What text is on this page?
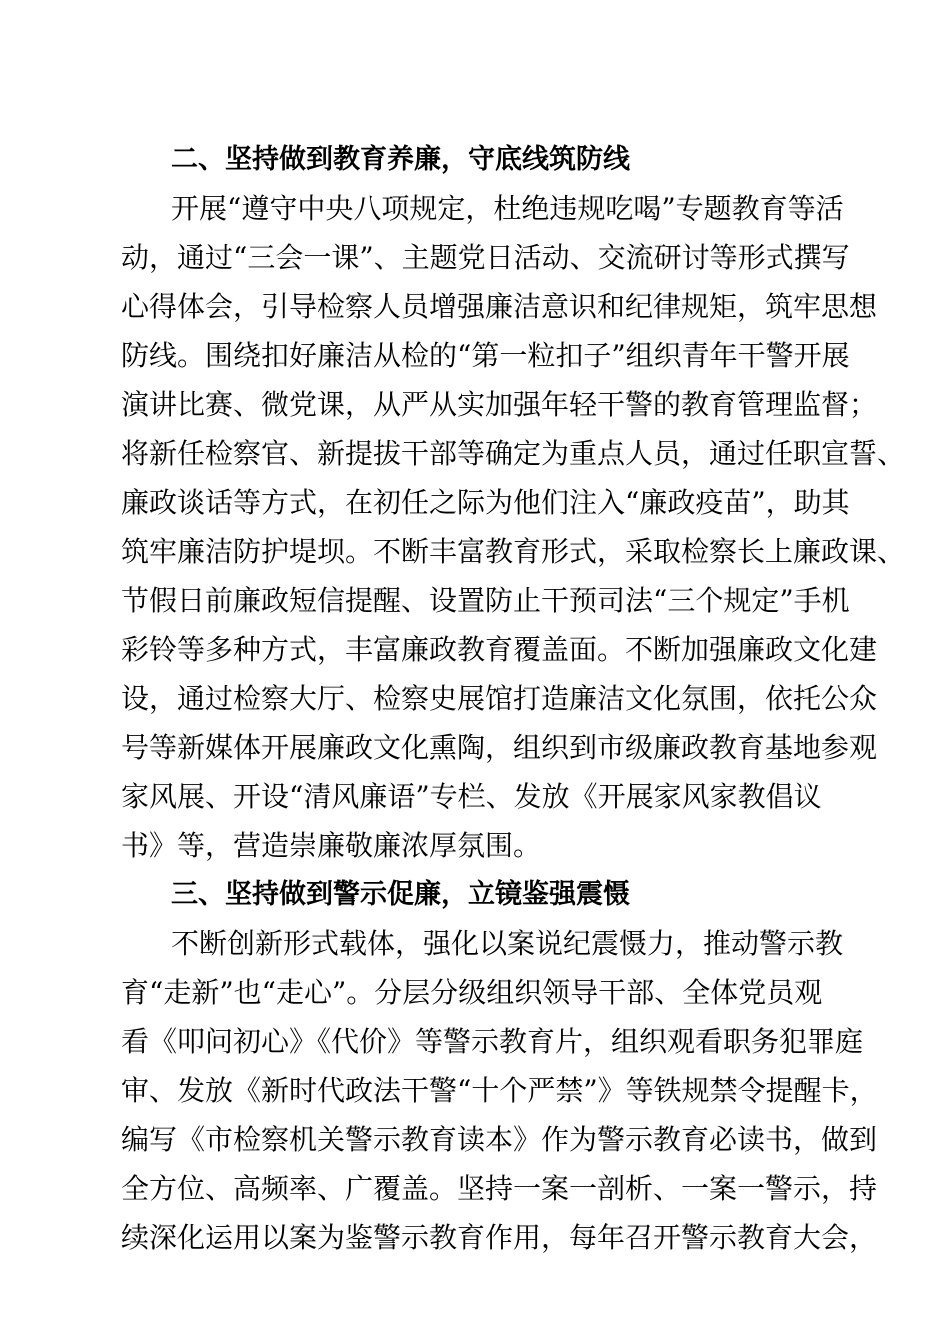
二、坚持做到教育养廉，守底线筑防线
开展“遵守中央八项规定，杜绝违规吃喝”专题教育等活
动，通过“三会一课”、主题党日活动、交流研讨等形式撰写
心得体会，引导检察人员增强廉洁意识和纪律规矩，筑牢思想
防线。围绕扣好廉洁从检的“第一粒扣子”组织青年干警开展
演讲比赛、微党课，从严从实加强年轻干警的教育管理监督；
将新任检察官、新提拔干部等确定为重点人员，通过任职宣誓、
廉政谈话等方式，在初任之际为他们注入“廉政疫苗”，助其
筑牢廉洁防护堤坝。不断丰富教育形式，采取检察长上廉政课、
节假日前廉政短信提醒、设置防止干预司法“三个规定”手机
彩铃等多种方式，丰富廉政教育覆盖面。不断加强廉政文化建
设，通过检察大厅、检察史展馆打造廉洁文化氛围，依托公众
号等新媒体开展廉政文化熏陶，组织到市级廉政教育基地参观
家风展、开设“清风廉语”专栏、发放《开展家风家教倡议
书》等，营造崇廉敬廉浓厚氛围。
三、坚持做到警示促廉，立镜鉴强震慑
不断创新形式载体，强化以案说纪震慑力，推动警示教
育“走新”也“走心”。分层分级组织领导干部、全体党员观
看《叩问初心》《代价》等警示教育片，组织观看职务犯罪庭
审、发放《新时代政法干警“十个严禁”》等铁规禁令提醒卡，
编写《市检察机关警示教育读本》作为警示教育必读书，做到
全方位、高频率、广覆盖。坚持一案一剖析、一案一警示，持
续深化运用以案为鉴警示教育作用，每年召开警示教育大会，
